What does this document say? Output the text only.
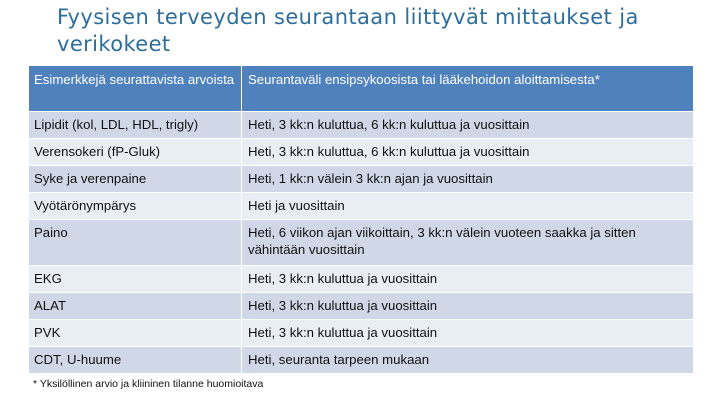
Fyysisen terveyden seurantaan liittyvät mittaukset ja verikokeet
Esimerkkejä seurattavista arvoista	Seurantaväli ensipsykoosista tai lääkehoidon aloittamisesta*
Lipidit (kol, LDL, HDL, trigly)	Heti, 3 kk:n kuluttua, 6 kk:n kuluttua ja vuosittain
Verensokeri (fP-Gluk)	Heti, 3 kk:n kuluttua, 6 kk:n kuluttua ja vuosittain
Syke ja verenpaine	Heti, 1 kk:n välein 3 kk:n ajan ja vuosittain
Vyötärönympärys	Heti ja vuosittain
Paino	Heti, 6 viikon ajan viikoittain, 3 kk:n välein vuoteen saakka ja sitten vähintään vuosittain
EKG	Heti, 3 kk:n kuluttua ja vuosittain
ALAT	Heti, 3 kk:n kuluttua ja vuosittain
PVK	Heti, 3 kk:n kuluttua ja vuosittain
CDT, U-huume	Heti, seuranta tarpeen mukaan
* Yksilöllinen arvio ja kliininen tilanne huomioitava
